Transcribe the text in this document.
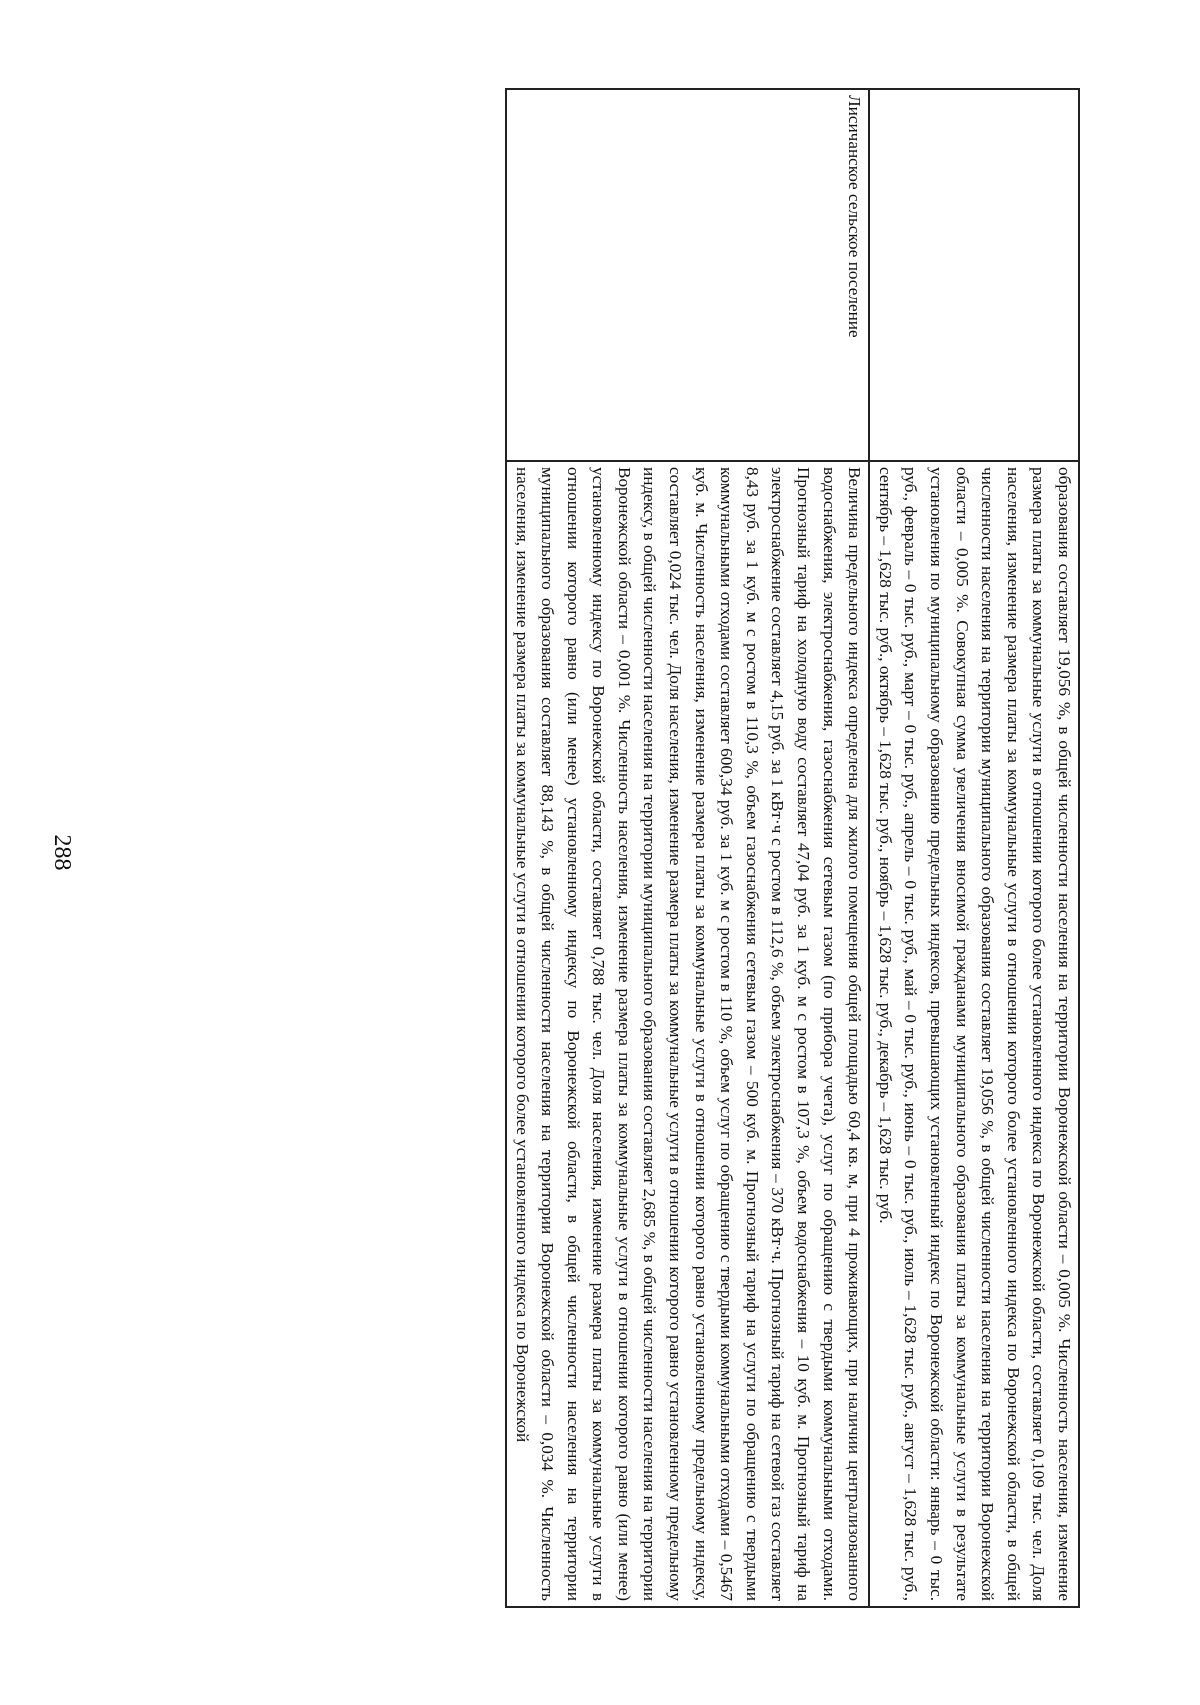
288
		образования составляет 19,056 %, в общей численности населения на территории Воронежской области – 0,005 %. Численность населения, изменение размера платы за коммунальные услуги в отношении которого более установленного индекса по Воронежской области, составляет 0,109 тыс. чел. Доля населения, изменение размера платы за коммунальные услуги в отношении которого более установленного индекса по Воронежской области, в общей численности населения на территории муниципального образования составляет 19,056 %, в общей численности населения на территории Воронежской области – 0,005 %. Совокупная сумма увеличения вносимой гражданами муниципального образования платы за коммунальные услуги в результате установления по муниципальному образованию предельных индексов, превышающих установленный индекс по Воронежской области: январь – 0 тыс. руб., февраль – 0 тыс. руб., март – 0 тыс. руб., апрель – 0 тыс. руб., май – 0 тыс. руб., июнь – 0 тыс. руб., июль – 1,628 тыс. руб., август – 1,628 тыс. руб., сентябрь – 1,628 тыс. руб., октябрь – 1,628 тыс. руб., ноябрь – 1,628 тыс. руб., декабрь – 1,628 тыс. руб.
Лисичанское сельское поселение	Величина предельного индекса определена для жилого помещения общей площадью 60,4 кв. м, при 4 проживающих, при наличии централизованного водоснабжения, электроснабжения, газоснабжения сетевым газом (по прибора учета), услуг по обращению с твердыми коммунальными отходами. Прогнозный тариф на холодную воду составляет 47,04 руб. за 1 куб. м с ростом в 107,3 %, объем водоснабжения – 10 куб. м. Прогнозный тариф на электроснабжение составляет 4,15 руб. за 1 кВт·ч с ростом в 112,6 %, объем электроснабжения – 370 кВт·ч. Прогнозный тариф на сетевой газ составляет 8,43 руб. за 1 куб. м с ростом в 110,3 %, объем газоснабжения сетевым газом – 500 куб. м. Прогнозный тариф на услуги по обращению с твердыми коммунальными отходами составляет 600,34 руб. за 1 куб. м с ростом в 110 %, объем услуг по обращению с твердыми коммунальными отходами – 0,5467 куб. м. Численность населения, изменение размера платы за коммунальные услуги в отношении которого равно установленному предельному индексу, составляет 0,024 тыс. чел. Доля населения, изменение размера платы за коммунальные услуги в отношении которого равно установленному предельному индексу, в общей численности населения на территории муниципального образования составляет 2,685 %, в общей численности населения на территории Воронежской области – 0,001 %. Численность населения, изменение размера платы за коммунальные услуги в отношении которого равно (или менее) установленному индексу по Воронежской области, составляет 0,788 тыс. чел. Доля населения, изменение размера платы за коммунальные услуги в отношении которого равно (или менее) установленному индексу по Воронежской области, в общей численности населения на территории муниципального образования составляет 88,143 %, в общей численности населения на территории Воронежской области – 0,034 %. Численность населения, изменение размера платы за коммунальные услуги в отношении которого более установленного индекса по Воронежской
